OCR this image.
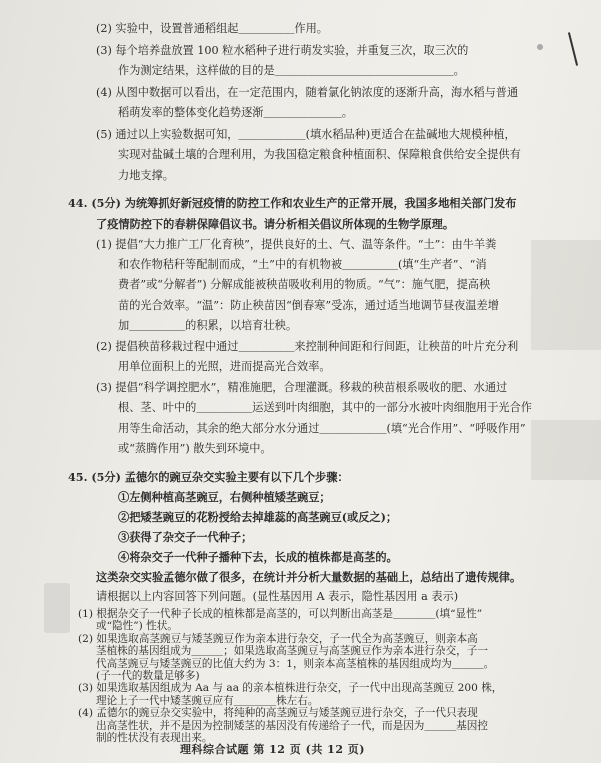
(2) 实验中，设置普通稻组起＿＿＿＿＿作用。
(3) 每个培养盘放置 100 粒水稻种子进行萌发实验，并重复三次，取三次的
作为测定结果，这样做的目的是＿＿＿＿＿＿＿＿＿＿＿＿＿＿＿＿。
(4) 从图中数据可以看出，在一定范围内，随着氯化钠浓度的逐渐升高，海水稻与普通
稻萌发率的整体变化趋势逐渐＿＿＿＿＿＿＿。
(5) 通过以上实验数据可知，＿＿＿＿＿＿(填水稻品种)更适合在盐碱地大规模种植，
实现对盐碱土壤的合理利用，为我国稳定粮食种植面积、保障粮食供给安全提供有
力地支撑。
44. (5分) 为统筹抓好新冠疫情的防控工作和农业生产的正常开展，我国多地相关部门发布
了疫情防控下的春耕保障倡议书。请分析相关倡议所体现的生物学原理。
(1) 提倡“大力推广工厂化育秧”，提供良好的土、气、温等条件。“土”：由牛羊粪
和农作物秸秆等配制而成，“土”中的有机物被＿＿＿＿＿(填“生产者”、“消
费者”或“分解者”) 分解成能被秧苗吸收利用的物质。“气”：施气肥，提高秧
苗的光合效率。“温”：防止秧苗因“倒春寒”受冻，通过适当地调节昼夜温差增
加＿＿＿＿＿的积累，以培育壮秧。
(2) 提倡秧苗移栽过程中通过＿＿＿＿＿来控制种间距和行间距，让秧苗的叶片充分利
用单位面积上的光照，进而提高光合效率。
(3) 提倡“科学调控肥水”，精准施肥，合理灌溉。移栽的秧苗根系吸收的肥、水通过
根、茎、叶中的＿＿＿＿＿运送到叶肉细胞，其中的一部分水被叶肉细胞用于光合作
用等生命活动，其余的绝大部分水分通过＿＿＿＿＿＿(填“光合作用”、“呼吸作用”
或“蒸腾作用”) 散失到环境中。
45. (5分) 孟德尔的豌豆杂交实验主要有以下几个步骤：
①左侧种植高茎豌豆，右侧种植矮茎豌豆；
②把矮茎豌豆的花粉授给去掉雄蕊的高茎豌豆(或反之)；
③获得了杂交子一代种子；
④将杂交子一代种子播种下去，长成的植株都是高茎的。
这类杂交实验孟德尔做了很多，在统计并分析大量数据的基础上，总结出了遗传规律。
请根据以上内容回答下列问题。(显性基因用 A 表示，隐性基因用 a 表示)
理科综合试题 第 12 页 (共 12 页)
(1) 根据杂交子一代种子长成的植株都是高茎的，可以判断出高茎是＿＿＿＿(填“显性”
或“隐性”) 性状。
(2) 如果选取高茎豌豆与矮茎豌豆作为亲本进行杂交，子一代全为高茎豌豆，则亲本高
茎植株的基因组成为＿＿＿；如果选取高茎豌豆与高茎豌豆作为亲本进行杂交，子一
代高茎豌豆与矮茎豌豆的比值大约为 3：1，则亲本高茎植株的基因组成均为＿＿＿。
(子一代的数量足够多)
(3) 如果选取基因组成为 Aa 与 aa 的亲本植株进行杂交，子一代中出现高茎豌豆 200 株，
理论上子一代中矮茎豌豆应有＿＿＿＿株左右。
(4) 孟德尔的豌豆杂交实验中，将纯种的高茎豌豆与矮茎豌豆进行杂交，子一代只表现
出高茎性状，并不是因为控制矮茎的基因没有传递给子一代，而是因为＿＿＿基因控
制的性状没有表现出来。
